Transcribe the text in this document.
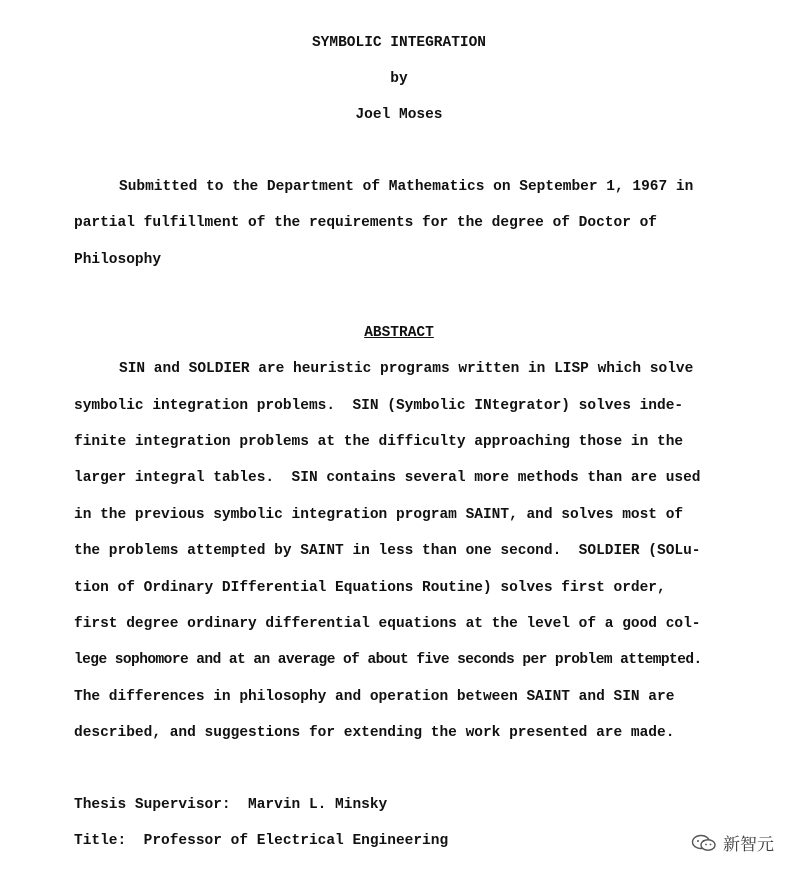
SYMBOLIC INTEGRATION
by
Joel Moses
Submitted to the Department of Mathematics on September 1, 1967 in
partial fulfillment of the requirements for the degree of Doctor of
Philosophy
ABSTRACT
SIN and SOLDIER are heuristic programs written in LISP which solve
symbolic integration problems.  SIN (Symbolic INtegrator) solves inde-
finite integration problems at the difficulty approaching those in the
larger integral tables.  SIN contains several more methods than are used
in the previous symbolic integration program SAINT, and solves most of
the problems attempted by SAINT in less than one second.  SOLDIER (SOLu-
tion of Ordinary DIfferential Equations Routine) solves first order,
first degree ordinary differential equations at the level of a good col-
lege sophomore and at an average of about five seconds per problem attempted.
The differences in philosophy and operation between SAINT and SIN are
described, and suggestions for extending the work presented are made.
Thesis Supervisor:  Marvin L. Minsky
Title:  Professor of Electrical Engineering	新智元
